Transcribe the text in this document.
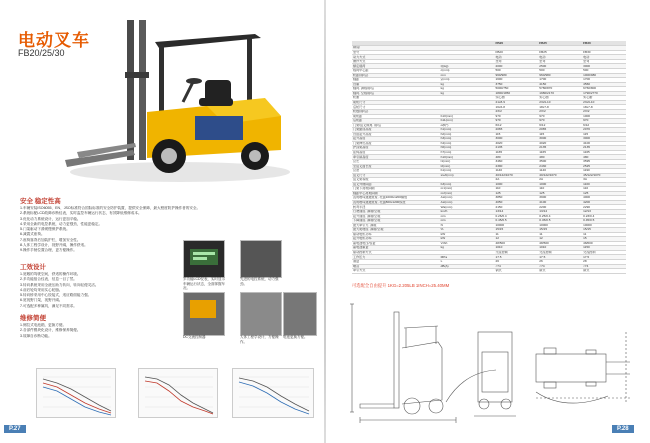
电动叉车
FB20/25/30
安全 稳定性高
1.车辆安装ISO6055、EN、JSO标准符合国际标准的安全防护装置，提供安全保障，最大程度防护操作者的安全。
2.系统标配LCD故障诊断仪表，实时监控车辆运行状态，有效降低维修成本。
3.优化动力系统设计，运行更加平稳。
4.采用全新的电控系统，动力更强劲，性能更稳定。
5.门架驱动下滑缓慢保护系统。
6.减震式座椅。
7.座椅靠背后加装护栏，增加安全性。
8.人体工程学设计，视野开阔，操作舒适。
9.操作手柄位置合理，更方便操作。
工效设计
1.宽敞的驾驶空间，舒适的操作环境。
2.多功能组合仪表，信息一目了然。
3.转向系统采用全液压助力转向，转向轻便灵活。
4.前后轮均采用实心轮胎。
5.转向桥采用中心铰接式，适应路面能力强。
6.宽视野门架，视野开阔。
7.可选配多种属具，满足不同需求。
维修简便
1.侧拉式电池箱，更换方便。
2.各部件模块化设计，维修保养简便。
3.故障自诊断功能。
多功能LCD仪表，实时显示车辆运行状态，全面掌握车况。
先进的电控系统，动力强劲。
DC交流控制器	人体工程学设计，方便操作。
电池更换方便。
P.27
			FB20	FB25	FB30
制造厂					
型号			FB20	FB25	FB30
动力方式			电动	电动	电动
操作方式			坐驾	坐驾	坐驾
额定载荷	Q(kg)		2000	2500	3000
载荷中心距	c(mm)		500	500	500
轮距(前/后)	mm		960/980	960/980	1000/980
轴距	y(mm)		1600	1700	1700
自重	kg		3750	4150	4560
轴荷, 满载前/后	kg		5000/750	5780/870	6760/800
轴荷, 空载前/后	kg		1800/1950	1980/2170	1790/2770
轮胎			实心胎	实心胎	实心胎
前轮尺寸			21x8-9	23x9-10	23x9-10
后轮尺寸			16x6-8	18x7-8	18x7-8
轮数(前/后)			2X/2	2X/2	2X/2
前轮距	b10(mm)		970	970	1000
后轮距	b11(mm)		970	970	970
门架/货叉倾角, 前/后	α/β(°)		6/12	6/12	6/12
门架缩回高度	h1(mm)		2065	2065	2070
自由起升高度	h2(mm)		115	115	115
起升高度	h3(mm)		3000	3000	3000
门架伸出高度	h4(mm)		4020	4020	4100
护顶架高度	h6(mm)		2135	2135	2135
座椅高度	h7(mm)		1165	1165	1165
牵引销高度	h10(mm)		480	480	480
总长	l1(mm)		3460	3500	3595
至货叉面长度	l2(mm)		2390	2430	2525
总宽	b1(mm)		1140	1140	1190
货叉尺寸	s/e/l(mm)		40/122/1070	40/122/1070	45/122/1070
货叉架等级			2A	2A	3A
货叉外侧间距	b3(mm)		1000	1000	1100
门架下离地间隙	m1(mm)		110	110	110
轴距中心离地间隙	m2(mm)		125	125	125
直角堆垛通道宽度, 托盘1000x1200横放	Ast(mm)		3850	3900	4000
直角堆垛通道宽度, 托盘800x1200纵放	Ast(mm)		4050	4100	4200
转弯半径	Wa(mm)		2150	2200	2290
行驶速度, 满载/空载	km/h		13/14	13/14	12/13
起升速度, 满载/空载	m/s		0.26/0.4	0.25/0.4	0.23/0.4
下降速度, 满载/空载	m/s		0.45/0.5	0.45/0.5	0.45/0.5
最大牵引力, 满载	N		10000	10000	10000
最大爬坡度, 满载/空载	%		15/15	15/15	15/15
驱动电机功率	kW		11	11	11
起升电机功率	kW		12	12	15
蓄电池电压/容量	V/Ah		48/500	48/500	48/600
蓄电池重量	kg		1010	1010	1150
驱动控制方式			交流控制	交流控制	交流控制
工作压力	MPa		17.5	17.5	17.5
油量	L		26	26	28
噪音	dB(A)		<74	<74	<74
牵引方式			销式	销式	销式
可选配全自由提升 1KG=2.205LB 1INCH=25.40MM
P.28
